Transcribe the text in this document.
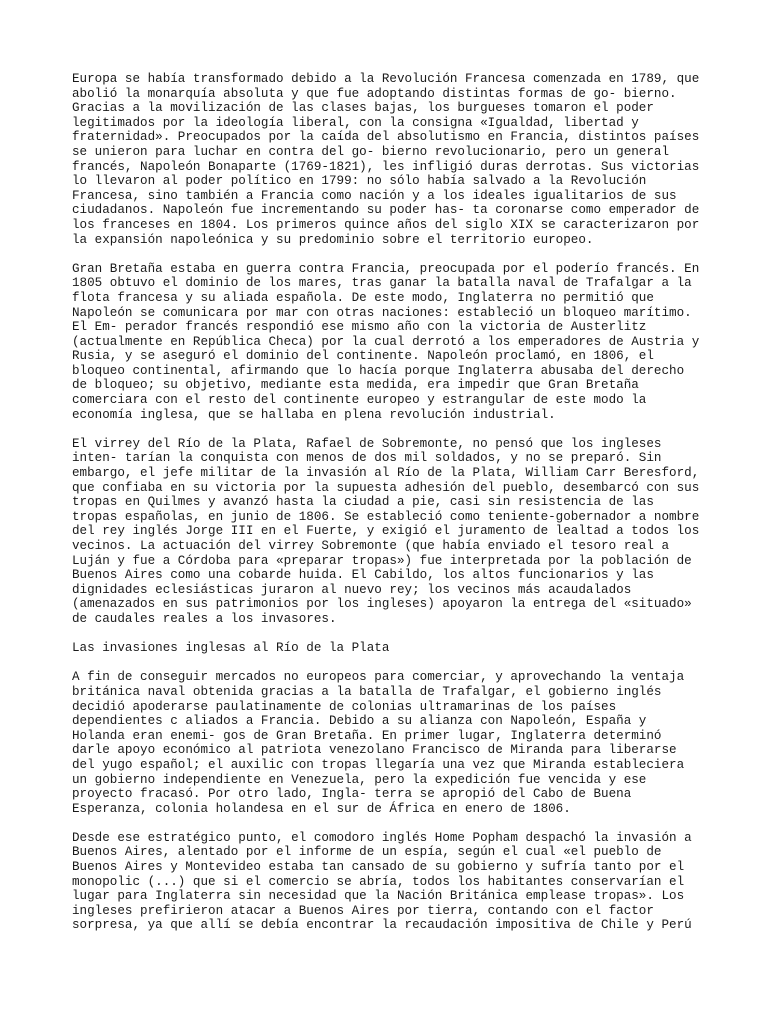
Europa se había transformado debido a la Revolución Francesa comenzada en 1789, que
abolió la monarquía absoluta y que fue adoptando distintas formas de go- bierno.
Gracias a la movilización de las clases bajas, los burgueses tomaron el poder
legitimados por la ideología liberal, con la consigna «Igualdad, libertad y
fraternidad». Preocupados por la caída del absolutismo en Francia, distintos países
se unieron para luchar en contra del go- bierno revolucionario, pero un general
francés, Napoleón Bonaparte (1769-1821), les infligió duras derrotas. Sus victorias
lo llevaron al poder político en 1799: no sólo había salvado a la Revolución
Francesa, sino también a Francia como nación y a los ideales igualitarios de sus
ciudadanos. Napoleón fue incrementando su poder has- ta coronarse como emperador de
los franceses en 1804. Los primeros quince años del siglo XIX se caracterizaron por
la expansión napoleónica y su predominio sobre el territorio europeo.
Gran Bretaña estaba en guerra contra Francia, preocupada por el poderío francés. En
1805 obtuvo el dominio de los mares, tras ganar la batalla naval de Trafalgar a la
flota francesa y su aliada española. De este modo, Inglaterra no permitió que
Napoleón se comunicara por mar con otras naciones: estableció un bloqueo marítimo.
El Em- perador francés respondió ese mismo año con la victoria de Austerlitz
(actualmente en República Checa) por la cual derrotó a los emperadores de Austria y
Rusia, y se aseguró el dominio del continente. Napoleón proclamó, en 1806, el
bloqueo continental, afirmando que lo hacía porque Inglaterra abusaba del derecho
de bloqueo; su objetivo, mediante esta medida, era impedir que Gran Bretaña
comerciara con el resto del continente europeo y estrangular de este modo la
economía inglesa, que se hallaba en plena revolución industrial.
El virrey del Río de la Plata, Rafael de Sobremonte, no pensó que los ingleses
inten- tarían la conquista con menos de dos mil soldados, y no se preparó. Sin
embargo, el jefe militar de la invasión al Río de la Plata, William Carr Beresford,
que confiaba en su victoria por la supuesta adhesión del pueblo, desembarcó con sus
tropas en Quilmes y avanzó hasta la ciudad a pie, casi sin resistencia de las
tropas españolas, en junio de 1806. Se estableció como teniente-gobernador a nombre
del rey inglés Jorge III en el Fuerte, y exigió el juramento de lealtad a todos los
vecinos. La actuación del virrey Sobremonte (que había enviado el tesoro real a
Luján y fue a Córdoba para «preparar tropas») fue interpretada por la población de
Buenos Aires como una cobarde huida. El Cabildo, los altos funcionarios y las
dignidades eclesiásticas juraron al nuevo rey; los vecinos más acaudalados
(amenazados en sus patrimonios por los ingleses) apoyaron la entrega del «situado»
de caudales reales a los invasores.
Las invasiones inglesas al Río de la Plata
A fin de conseguir mercados no europeos para comerciar, y aprovechando la ventaja
británica naval obtenida gracias a la batalla de Trafalgar, el gobierno inglés
decidió apoderarse paulatinamente de colonias ultramarinas de los países
dependientes c aliados a Francia. Debido a su alianza con Napoleón, España y
Holanda eran enemi- gos de Gran Bretaña. En primer lugar, Inglaterra determinó
darle apoyo económico al patriota venezolano Francisco de Miranda para liberarse
del yugo español; el auxilic con tropas llegaría una vez que Miranda estableciera
un gobierno independiente en Venezuela, pero la expedición fue vencida y ese
proyecto fracasó. Por otro lado, Ingla- terra se apropió del Cabo de Buena
Esperanza, colonia holandesa en el sur de África en enero de 1806.
Desde ese estratégico punto, el comodoro inglés Home Popham despachó la invasión a
Buenos Aires, alentado por el informe de un espía, según el cual «el pueblo de
Buenos Aires y Montevideo estaba tan cansado de su gobierno y sufría tanto por el
monopolic (...) que si el comercio se abría, todos los habitantes conservarían el
lugar para Inglaterra sin necesidad que la Nación Británica emplease tropas». Los
ingleses prefirieron atacar a Buenos Aires por tierra, contando con el factor
sorpresa, ya que allí se debía encontrar la recaudación impositiva de Chile y Perú
